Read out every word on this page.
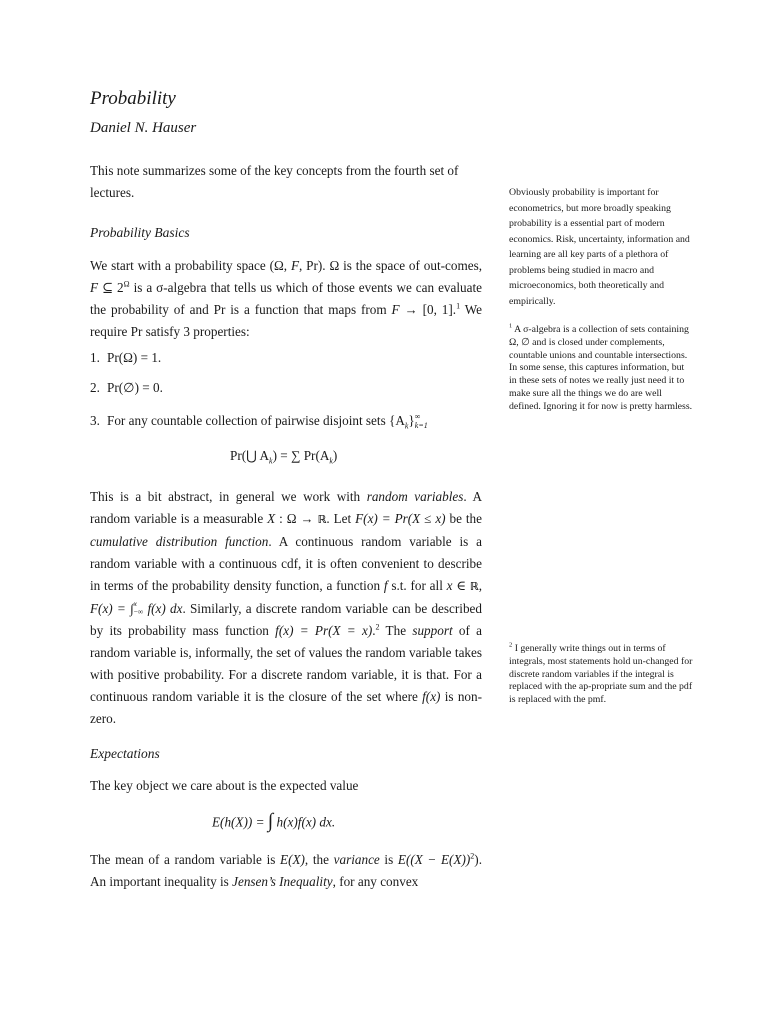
Probability
Daniel N. Hauser

This note summarizes some of the key concepts from the fourth set of lectures.

Probability Basics

We start with a probability space (Ω, F, Pr). Ω is the space of out-comes, F ⊆ $2^\Omega$ is a σ-algebra that tells us which of those events we can evaluate the probability of and Pr is a function that maps from F → [0, 1].$^1$ We require Pr satisfy 3 properties:

1. Pr(Ω) = 1.

2. Pr(∅) = 0.

3. For any countable collection of pairwise disjoint sets $\{A_k\}$ ∞
k=1

Pr(⋃ $A_k$) = ∑ $Pr(A_k)$

This is a bit abstract, in general we work with random variables. A random variable is a measurable X : Ω → ℝ. Let F(x) = Pr(X ≤ x) be the cumulative distribution function. A continuous random variable is a random variable with a continuous cdf, it is often convenient to describe in terms of the probability density function, a function f s.t. for all x ∈ ℝ, F(x) = ∫ x
−∞ f(x) dx. Similarly, a discrete random variable can be described by its probability mass function f(x) = Pr(X = x).$^2$ The support of a random variable is, informally, the set of values the random variable takes with positive probability. For a discrete random variable, it is that. For a continuous random variable it is the closure of the set where f(x) is non-zero.

Expectations

The key object we care about is the expected value

E(h(X)) = ∫ h(x)f(x) dx.

The mean of a random variable is E(X), the variance is $E((X - E(X))^2)$. An important inequality is Jensen’s Inequality, for any convex

Obviously probability is important for econometrics, but more broadly speaking probability is a essential part of modern economics. Risk, uncertainty, information and learning are all key parts of a plethora of problems being studied in macro and microeconomics, both theoretically and empirically.

$^1$ A σ-algebra is a collection of sets containing Ω, ∅ and is closed under complements, countable unions and countable intersections. In some sense, this captures information, but in these sets of notes we really just need it to make sure all the things we do are well defined. Ignoring it for now is pretty harmless.

$^2$ I generally write things out in terms of integrals, most statements hold un-changed for discrete random variables if the integral is replaced with the ap-propriate sum and the pdf is replaced with the pmf.
